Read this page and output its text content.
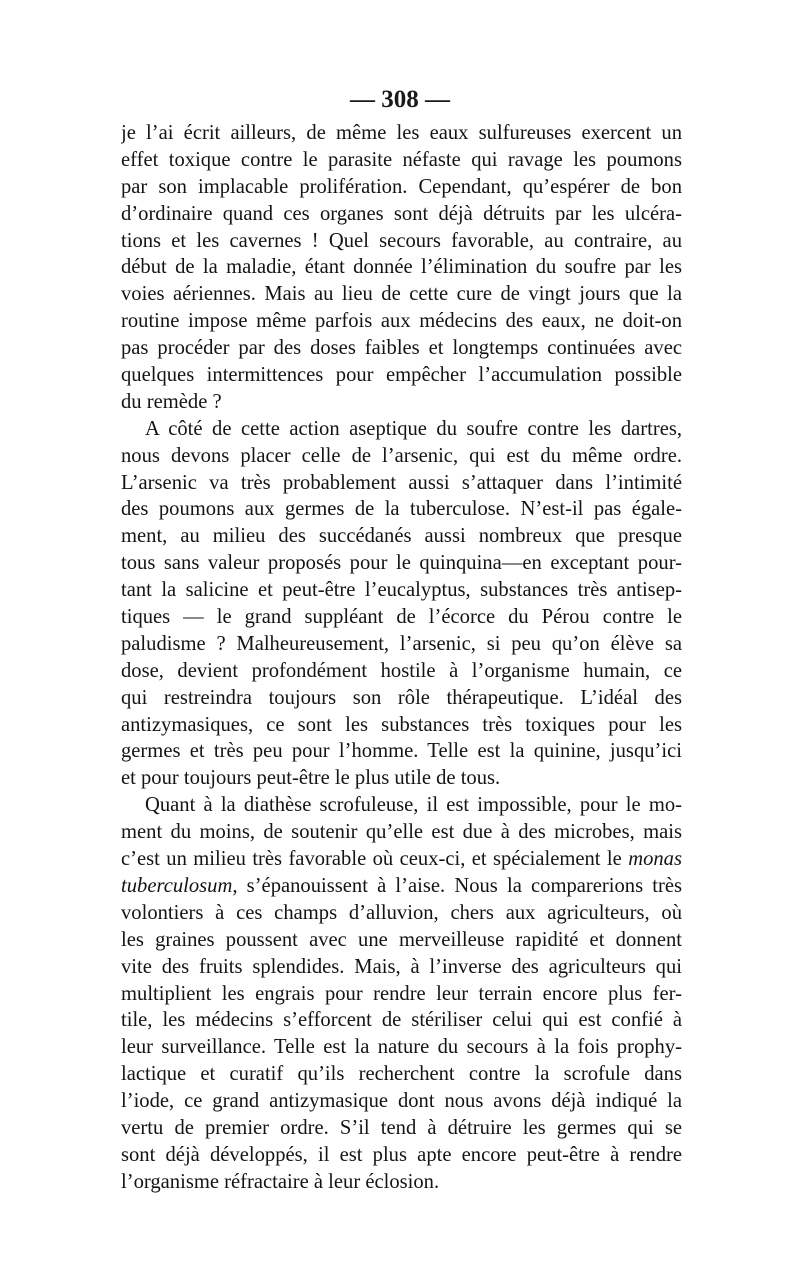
— 308 —
je l’ai écrit ailleurs, de même les eaux sulfureuses exercent un
effet toxique contre le parasite néfaste qui ravage les poumons
par son implacable prolifération. Cependant, qu’espérer de bon
d’ordinaire quand ces organes sont déjà détruits par les ulcéra-
tions et les cavernes ! Quel secours favorable, au contraire, au
début de la maladie, étant donnée l’élimination du soufre par les
voies aériennes. Mais au lieu de cette cure de vingt jours que la
routine impose même parfois aux médecins des eaux, ne doit-on
pas procéder par des doses faibles et longtemps continuées avec
quelques intermittences pour empêcher l’accumulation possible
du remède ?
A côté de cette action aseptique du soufre contre les dartres,
nous devons placer celle de l’arsenic, qui est du même ordre.
L’arsenic va très probablement aussi s’attaquer dans l’intimité
des poumons aux germes de la tuberculose. N’est-il pas égale-
ment, au milieu des succédanés aussi nombreux que presque
tous sans valeur proposés pour le quinquina—en exceptant pour-
tant la salicine et peut-être l’eucalyptus, substances très antisep-
tiques — le grand suppléant de l’écorce du Pérou contre le
paludisme ? Malheureusement, l’arsenic, si peu qu’on élève sa
dose, devient profondément hostile à l’organisme humain, ce
qui restreindra toujours son rôle thérapeutique. L’idéal des
antizymasiques, ce sont les substances très toxiques pour les
germes et très peu pour l’homme. Telle est la quinine, jusqu’ici
et pour toujours peut-être le plus utile de tous.
Quant à la diathèse scrofuleuse, il est impossible, pour le mo-
ment du moins, de soutenir qu’elle est due à des microbes, mais
c’est un milieu très favorable où ceux-ci, et spécialement le monas
tuberculosum, s’épanouissent à l’aise. Nous la comparerions très
volontiers à ces champs d’alluvion, chers aux agriculteurs, où
les graines poussent avec une merveilleuse rapidité et donnent
vite des fruits splendides. Mais, à l’inverse des agriculteurs qui
multiplient les engrais pour rendre leur terrain encore plus fer-
tile, les médecins s’efforcent de stériliser celui qui est confié à
leur surveillance. Telle est la nature du secours à la fois prophy-
lactique et curatif qu’ils recherchent contre la scrofule dans
l’iode, ce grand antizymasique dont nous avons déjà indiqué la
vertu de premier ordre. S’il tend à détruire les germes qui se
sont déjà développés, il est plus apte encore peut-être à rendre
l’organisme réfractaire à leur éclosion.
